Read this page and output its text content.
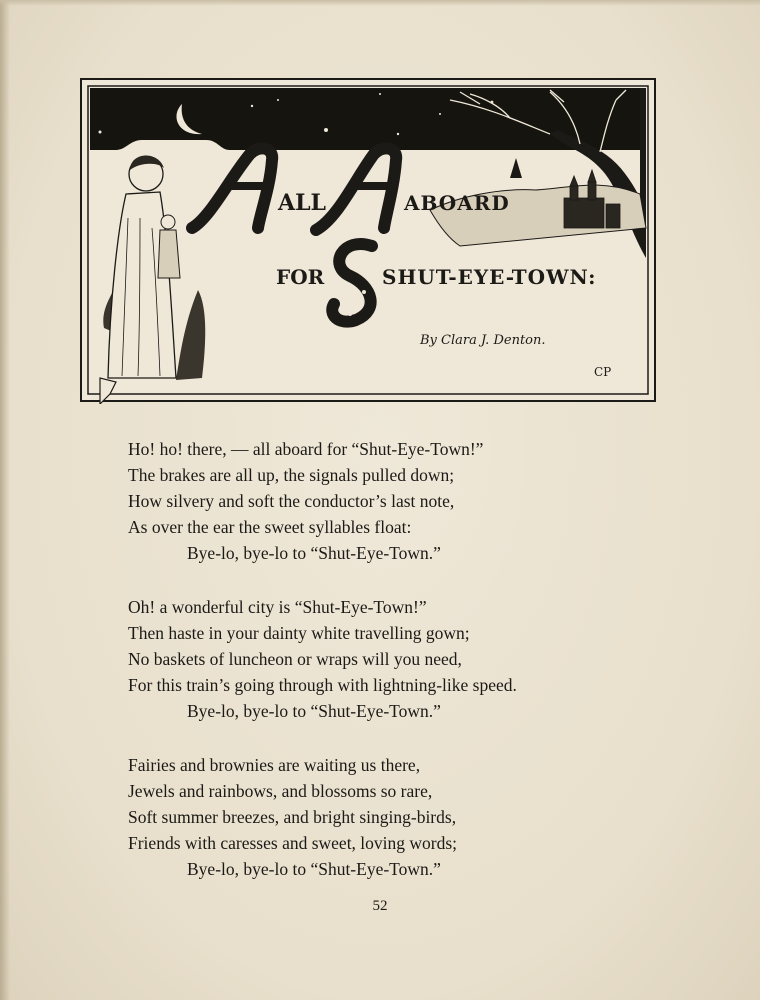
ALL	ABOARD
FOR	SHUT-EYE-TOWN:
By Clara J. Denton.
CP
Ho! ho! there, — all aboard for “Shut-Eye-Town!”
The brakes are all up, the signals pulled down;
How silvery and soft the conductor’s last note,
As over the ear the sweet syllables float:
Bye-lo, bye-lo to “Shut-Eye-Town.”
Oh! a wonderful city is “Shut-Eye-Town!”
Then haste in your dainty white travelling gown;
No baskets of luncheon or wraps will you need,
For this train’s going through with lightning-like speed.
Bye-lo, bye-lo to “Shut-Eye-Town.”
Fairies and brownies are waiting us there,
Jewels and rainbows, and blossoms so rare,
Soft summer breezes, and bright singing-birds,
Friends with caresses and sweet, loving words;
Bye-lo, bye-lo to “Shut-Eye-Town.”
52
